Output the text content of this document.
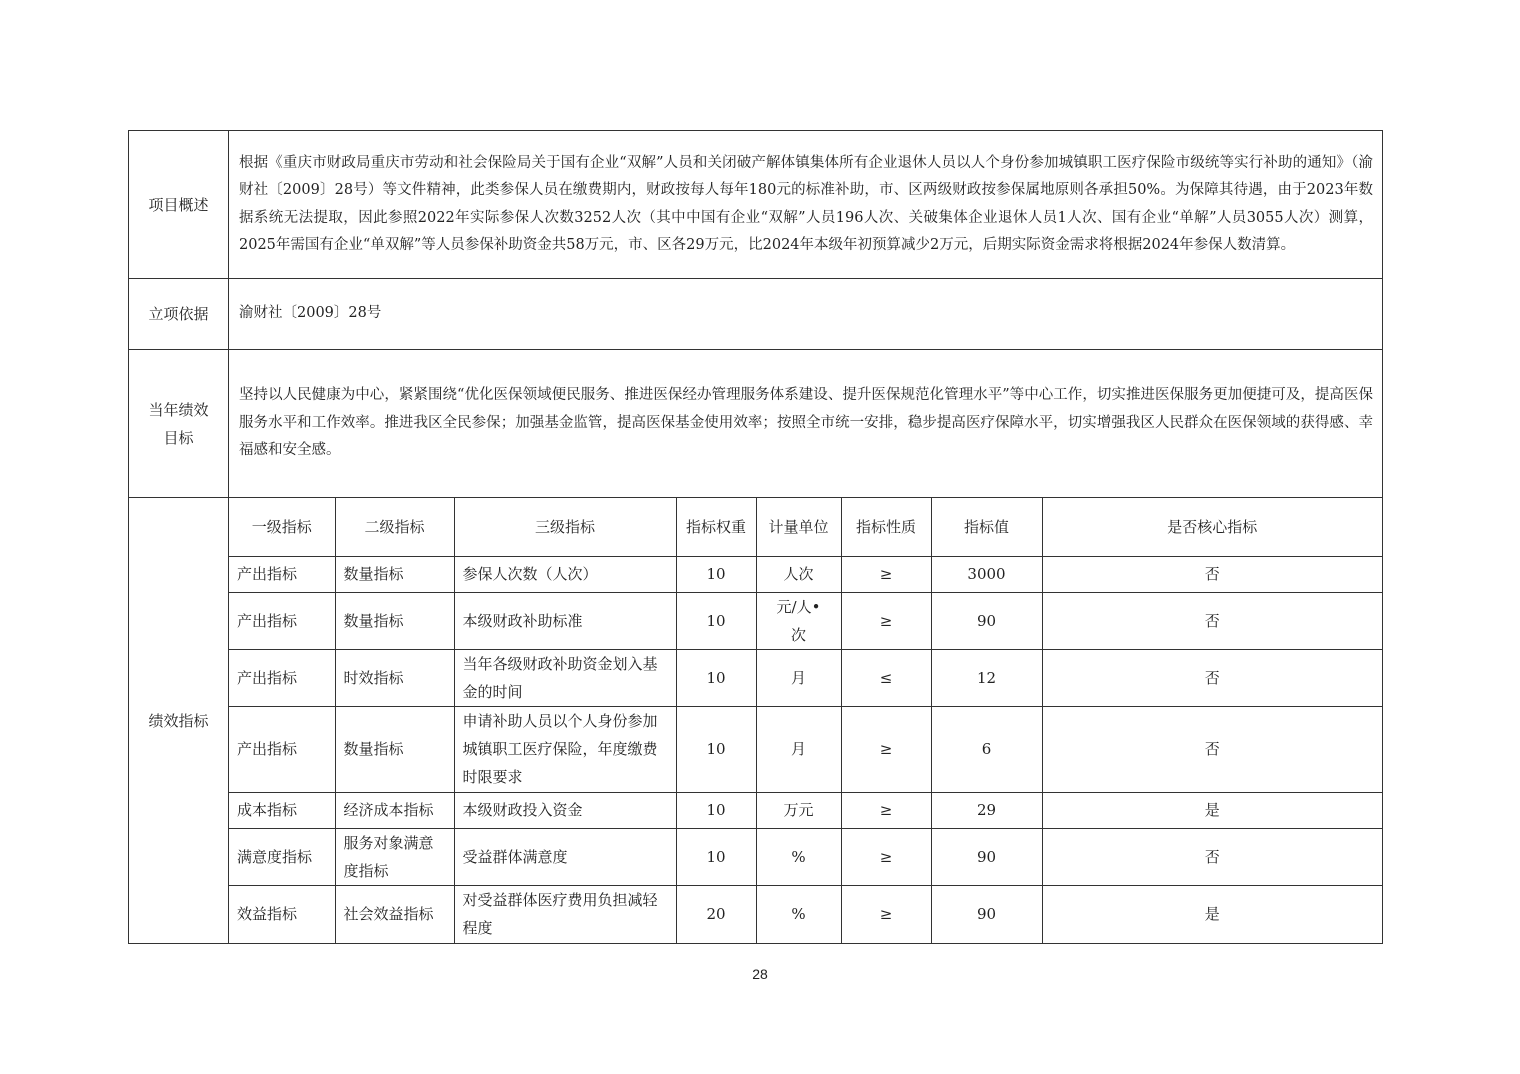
项目概述	根据《重庆市财政局重庆市劳动和社会保险局关于国有企业“双解”人员和关闭破产解体镇集体所有企业退休人员以人个身份参加城镇职工医疗保险市级统等实行补助的通知》（渝财社〔2009〕28号）等文件精神，此类参保人员在缴费期内，财政按每人每年180元的标准补助，市、区两级财政按参保属地原则各承担50%。为保障其待遇，由于2023年数据系统无法提取，因此参照2022年实际参保人次数3252人次（其中中国有企业“双解”人员196人次、关破集体企业退休人员1人次、国有企业“单解”人员3055人次）测算，2025年需国有企业“单双解”等人员参保补助资金共58万元，市、区各29万元，比2024年本级年初预算减少2万元，后期实际资金需求将根据2024年参保人数清算。
立项依据	渝财社〔2009〕28号

当年绩效
目标
	坚持以人民健康为中心，紧紧围绕“优化医保领域便民服务、推进医保经办管理服务体系建设、提升医保规范化管理水平”等中心工作，切实推进医保服务更加便捷可及，提高医保服务水平和工作效率。推进我区全民参保；加强基金监管，提高医保基金使用效率；按照全市统一安排，稳步提高医疗保障水平，切实增强我区人民群众在医保领域的获得感、幸福感和安全感。
绩效指标	
一级指标	二级指标	三级指标	指标权重	计量单位	指标性质	指标值	是否核心指标
产出指标	数量指标	参保人次数（人次）	10	人次	≥	3000	否
产出指标	数量指标	本级财政补助标准	10	元/人•次	≥	90	否
产出指标	时效指标	当年各级财政补助资金划入基金的时间	10	月	≤	12	否
产出指标	数量指标	申请补助人员以个人身份参加城镇职工医疗保险，年度缴费时限要求	10	月	≥	6	否
成本指标	经济成本指标	本级财政投入资金	10	万元	≥	29	是
满意度指标	服务对象满意度指标	受益群体满意度	10	%	≥	90	否
效益指标	社会效益指标	对受益群体医疗费用负担减轻程度	20	%	≥	90	是
28
